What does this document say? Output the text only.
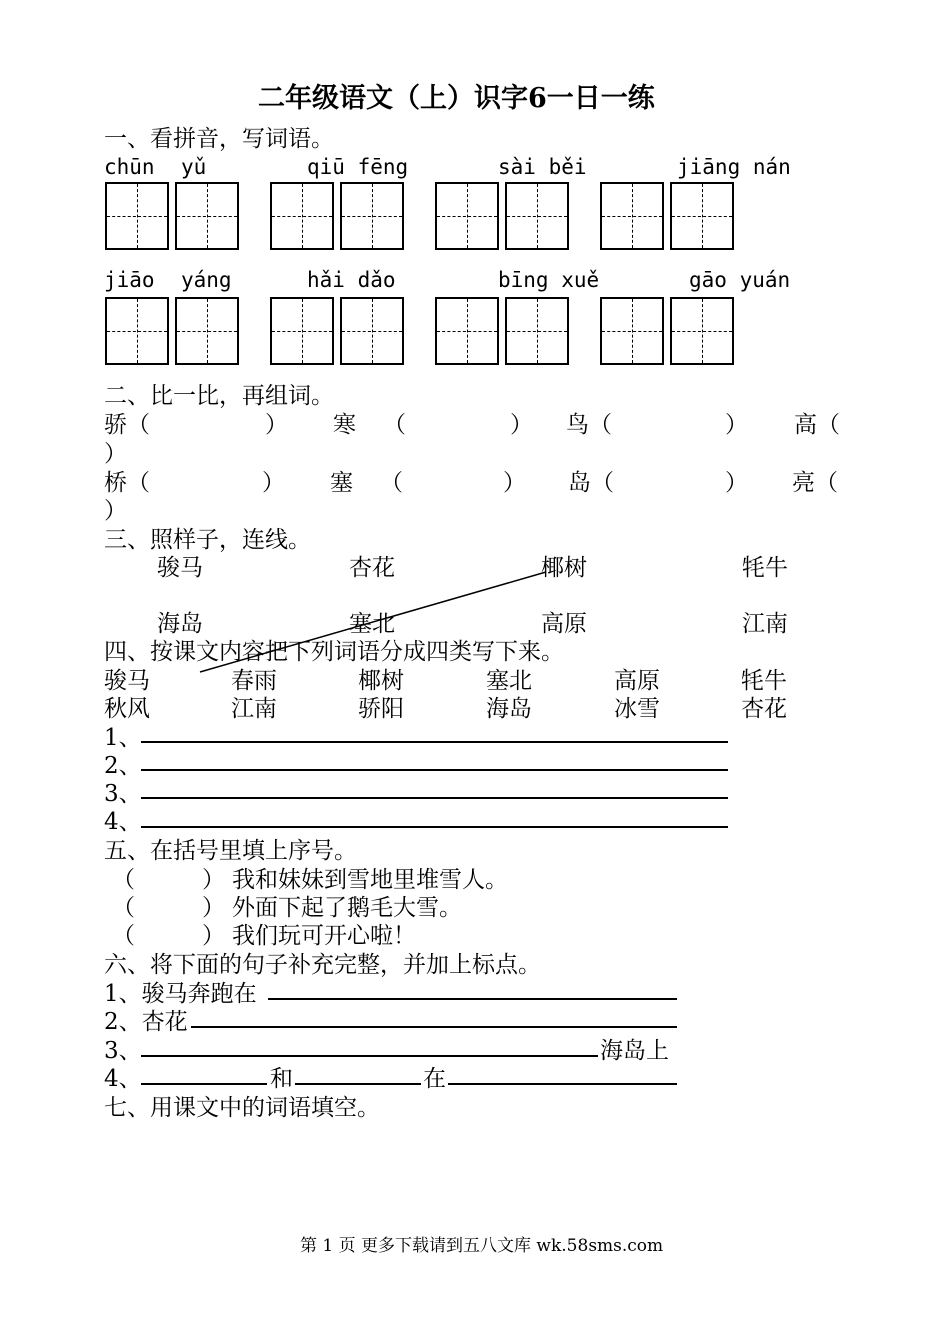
二年级语文（上）识字6一日一练
一、看拼音，写词语。
chūn yǔ	qiū fēng	sài běi	jiāng nán
jiāo yáng	hǎi dǎo	bīng xuě	gāo yuán
二、比一比，再组词。
骄（	） 寒 （	） 鸟（	） 高（
）
桥（	） 塞 （	） 岛（	） 亮（
）
三、照样子，连线。
骏马	杏花	椰树	牦牛
海岛	塞北	高原	江南
四、按课文内容把下列词语分成四类写下来。
骏马	春雨	椰树	塞北	高原	牦牛
秋风	江南	骄阳	海岛	冰雪	杏花
1、
2、
3、
4、
五、在括号里填上序号。
（	） 我和妹妹到雪地里堆雪人。
（	） 外面下起了鹅毛大雪。
（	） 我们玩可开心啦！
六、将下面的句子补充完整，并加上标点。
1、骏马奔跑在
2、杏花
3、	海岛上
4、	和	在
七、用课文中的词语填空。
第 1 页 更多下载请到五八文库 wk.58sms.com
